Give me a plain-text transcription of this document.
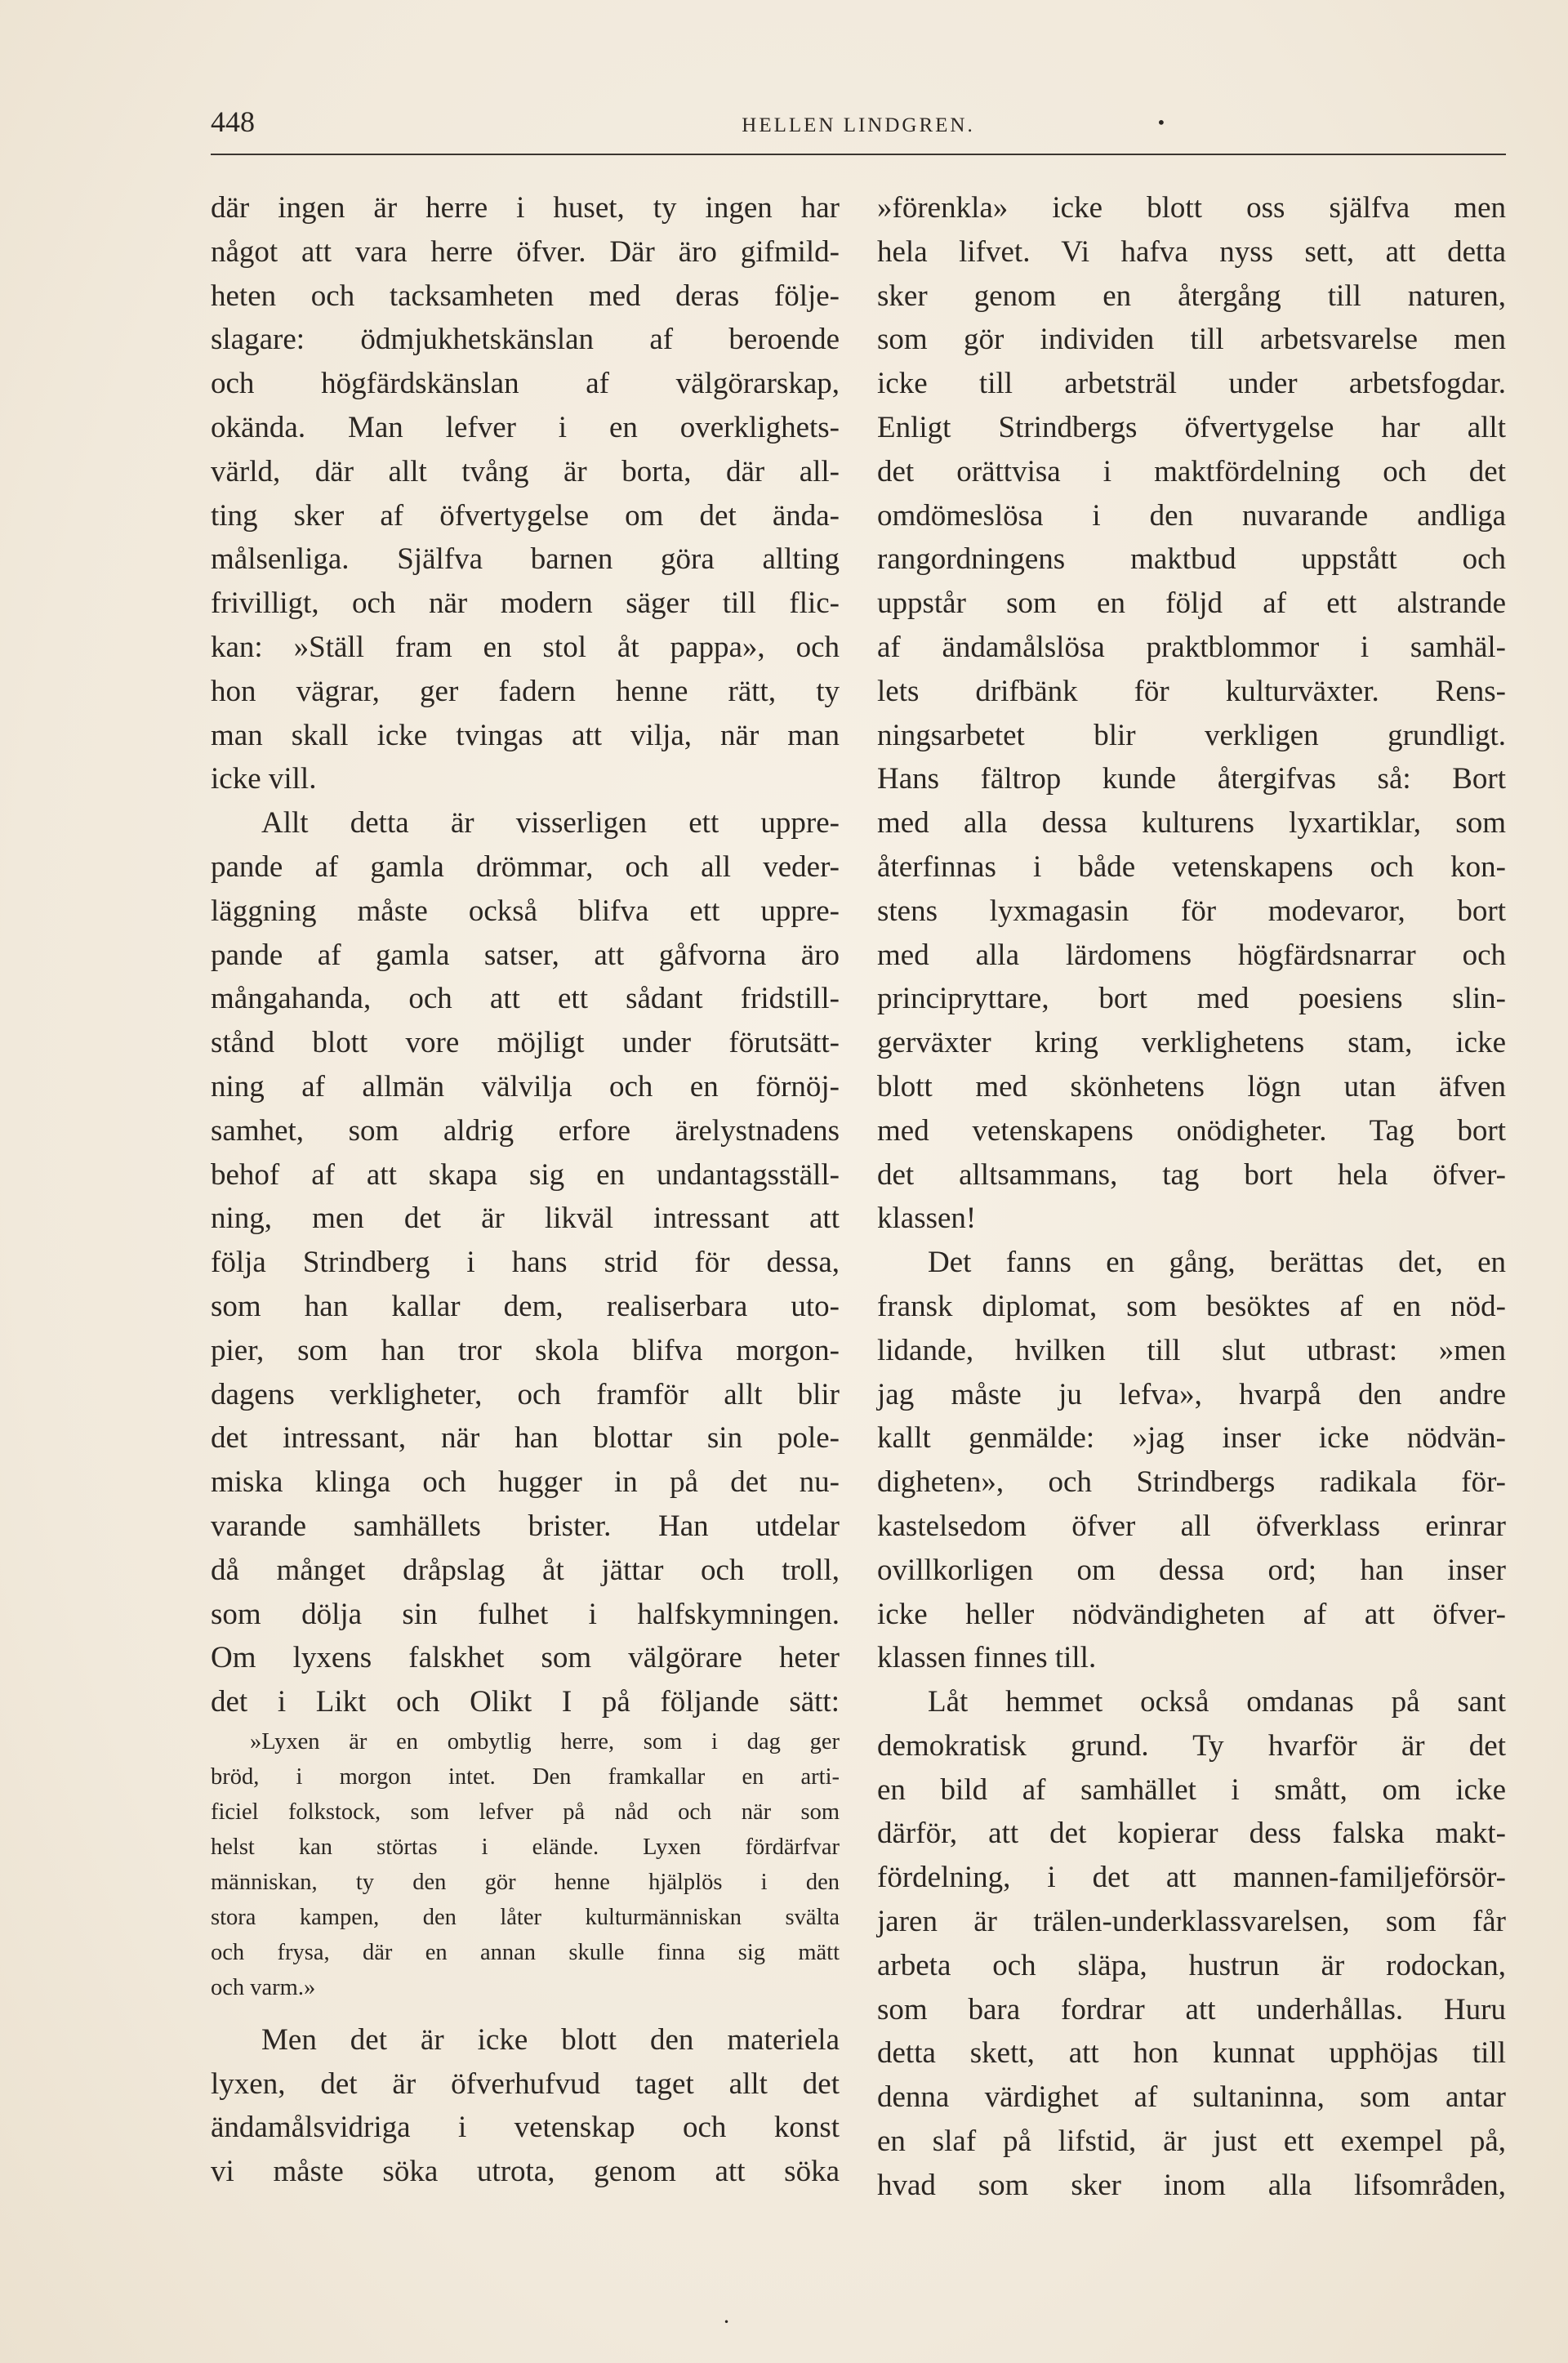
448	HELLEN LINDGREN.	•
där ingen är herre i huset, ty ingen har
något att vara herre öfver. Där äro gifmild-
heten och tacksamheten med deras följe-
slagare: ödmjukhetskänslan af beroende
och högfärdskänslan af välgörarskap,
okända. Man lefver i en overklighets-
värld, där allt tvång är borta, där all-
ting sker af öfvertygelse om det ända-
målsenliga. Själfva barnen göra allting
frivilligt, och när modern säger till flic-
kan: »Ställ fram en stol åt pappa», och
hon vägrar, ger fadern henne rätt, ty
man skall icke tvingas att vilja, när man
icke vill.
Allt detta är visserligen ett uppre-
pande af gamla drömmar, och all veder-
läggning måste också blifva ett uppre-
pande af gamla satser, att gåfvorna äro
mångahanda, och att ett sådant fridstill-
stånd blott vore möjligt under förutsätt-
ning af allmän välvilja och en förnöj-
samhet, som aldrig erfore ärelystnadens
behof af att skapa sig en undantagsställ-
ning, men det är likväl intressant att
följa Strindberg i hans strid för dessa,
som han kallar dem, realiserbara uto-
pier, som han tror skola blifva morgon-
dagens verkligheter, och framför allt blir
det intressant, när han blottar sin pole-
miska klinga och hugger in på det nu-
varande samhällets brister. Han utdelar
då månget dråpslag åt jättar och troll,
som dölja sin fulhet i halfskymningen.
Om lyxens falskhet som välgörare heter
det i Likt och Olikt I på följande sätt:
»Lyxen är en ombytlig herre, som i dag ger
bröd, i morgon intet. Den framkallar en arti-
ficiel folkstock, som lefver på nåd och när som
helst kan störtas i elände. Lyxen fördärfvar
människan, ty den gör henne hjälplös i den
stora kampen, den låter kulturmänniskan svälta
och frysa, där en annan skulle finna sig mätt
och varm.»
Men det är icke blott den materiela
lyxen, det är öfverhufvud taget allt det
ändamålsvidriga i vetenskap och konst
vi måste söka utrota, genom att söka
»förenkla» icke blott oss själfva men
hela lifvet. Vi hafva nyss sett, att detta
sker genom en återgång till naturen,
som gör individen till arbetsvarelse men
icke till arbetsträl under arbetsfogdar.
Enligt Strindbergs öfvertygelse har allt
det orättvisa i maktfördelning och det
omdömeslösa i den nuvarande andliga
rangordningens maktbud uppstått och
uppstår som en följd af ett alstrande
af ändamålslösa praktblommor i samhäl-
lets drifbänk för kulturväxter. Rens-
ningsarbetet blir verkligen grundligt.
Hans fältrop kunde återgifvas så: Bort
med alla dessa kulturens lyxartiklar, som
återfinnas i både vetenskapens och kon-
stens lyxmagasin för modevaror, bort
med alla lärdomens högfärdsnarrar och
principryttare, bort med poesiens slin-
gerväxter kring verklighetens stam, icke
blott med skönhetens lögn utan äfven
med vetenskapens onödigheter. Tag bort
det alltsammans, tag bort hela öfver-
klassen!
Det fanns en gång, berättas det, en
fransk diplomat, som besöktes af en nöd-
lidande, hvilken till slut utbrast: »men
jag måste ju lefva», hvarpå den andre
kallt genmälde: »jag inser icke nödvän-
digheten», och Strindbergs radikala för-
kastelsedom öfver all öfverklass erinrar
ovillkorligen om dessa ord; han inser
icke heller nödvändigheten af att öfver-
klassen finnes till.
Låt hemmet också omdanas på sant
demokratisk grund. Ty hvarför är det
en bild af samhället i smått, om icke
därför, att det kopierar dess falska makt-
fördelning, i det att mannen-familjeförsör-
jaren är trälen-underklassvarelsen, som får
arbeta och släpa, hustrun är rodockan,
som bara fordrar att underhållas. Huru
detta skett, att hon kunnat upphöjas till
denna värdighet af sultaninna, som antar
en slaf på lifstid, är just ett exempel på,
hvad som sker inom alla lifsområden,
•
